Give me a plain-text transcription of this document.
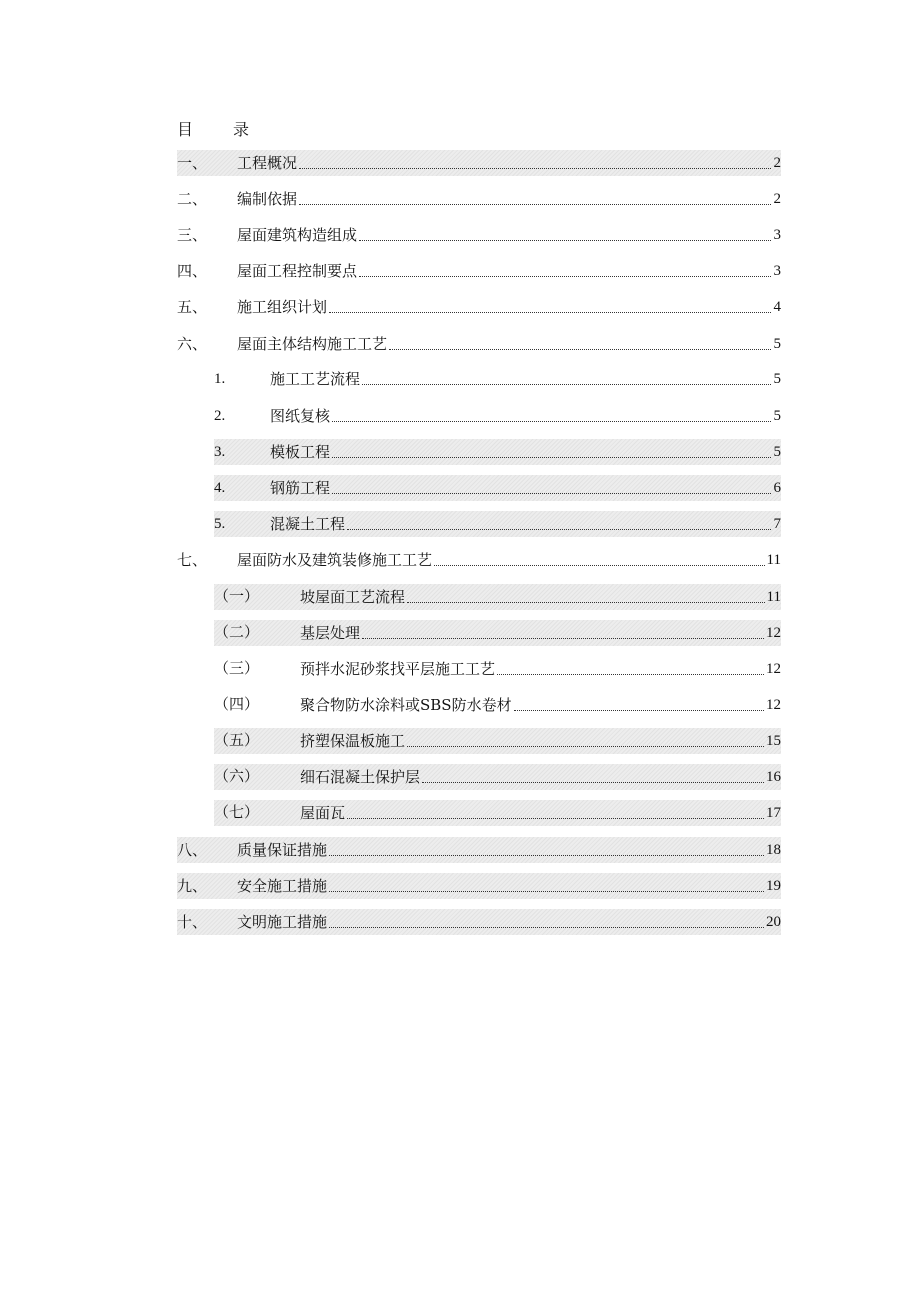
目	录
一、 工程概况	2
二、 编制依据	2
三、 屋面建筑构造组成	3
四、 屋面工程控制要点	3
五、 施工组织计划	4
六、 屋面主体结构施工工艺	5
1.	施工工艺流程	5
2.	图纸复核	5
3.	模板工程	5
4.	钢筋工程	6
5.	混凝土工程	7
七、 屋面防水及建筑装修施工工艺	11
（一）	坡屋面工艺流程	11
（二）	基层处理	12
（三）	预拌水泥砂浆找平层施工工艺	12
（四）	聚合物防水涂料或SBS防水卷材	12
（五）	挤塑保温板施工	15
（六）	细石混凝土保护层	16
（七）	屋面瓦	17
八、 质量保证措施	18
九、 安全施工措施	19
十、 文明施工措施	20
